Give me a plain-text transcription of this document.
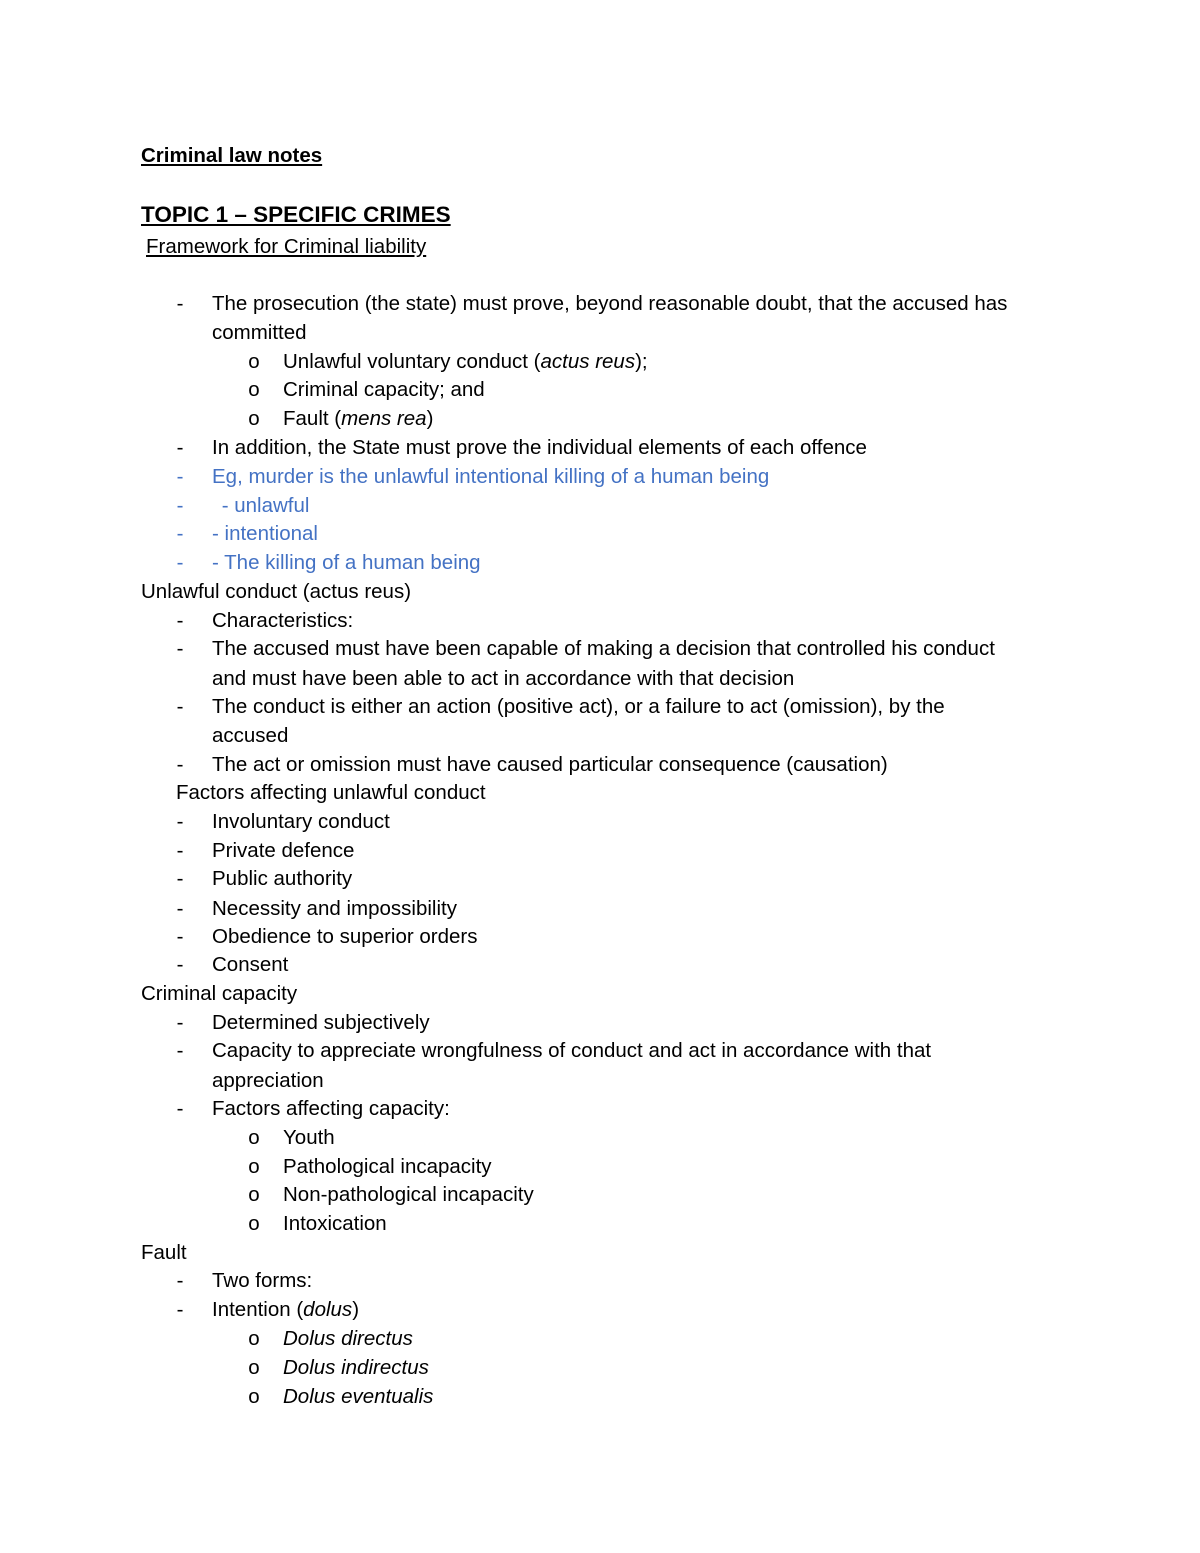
Criminal law notes
TOPIC 1 – SPECIFIC CRIMES
Framework for Criminal liability
-	The prosecution (the state) must prove, beyond reasonable doubt, that the accused has
committed
o Unlawful voluntary conduct (actus reus);
o Criminal capacity; and
o Fault (mens rea)
-	In addition, the State must prove the individual elements of each offence
-	Eg, murder is the unlawful intentional killing of a human being
-	- unlawful
-	- intentional
-	- The killing of a human being
Unlawful conduct (actus reus)
-	Characteristics:
-	The accused must have been capable of making a decision that controlled his conduct
and must have been able to act in accordance with that decision
-	The conduct is either an action (positive act), or a failure to act (omission), by the
accused
-	The act or omission must have caused particular consequence (causation)
Factors affecting unlawful conduct
-	Involuntary conduct
-	Private defence
-	Public authority
-	Necessity and impossibility
-	Obedience to superior orders
-	Consent
Criminal capacity
-	Determined subjectively
-	Capacity to appreciate wrongfulness of conduct and act in accordance with that
appreciation
-	Factors affecting capacity:
o Youth
o Pathological incapacity
o Non-pathological incapacity
o Intoxication
Fault
-	Two forms:
-	Intention (dolus)
o Dolus directus
o Dolus indirectus
o Dolus eventualis
